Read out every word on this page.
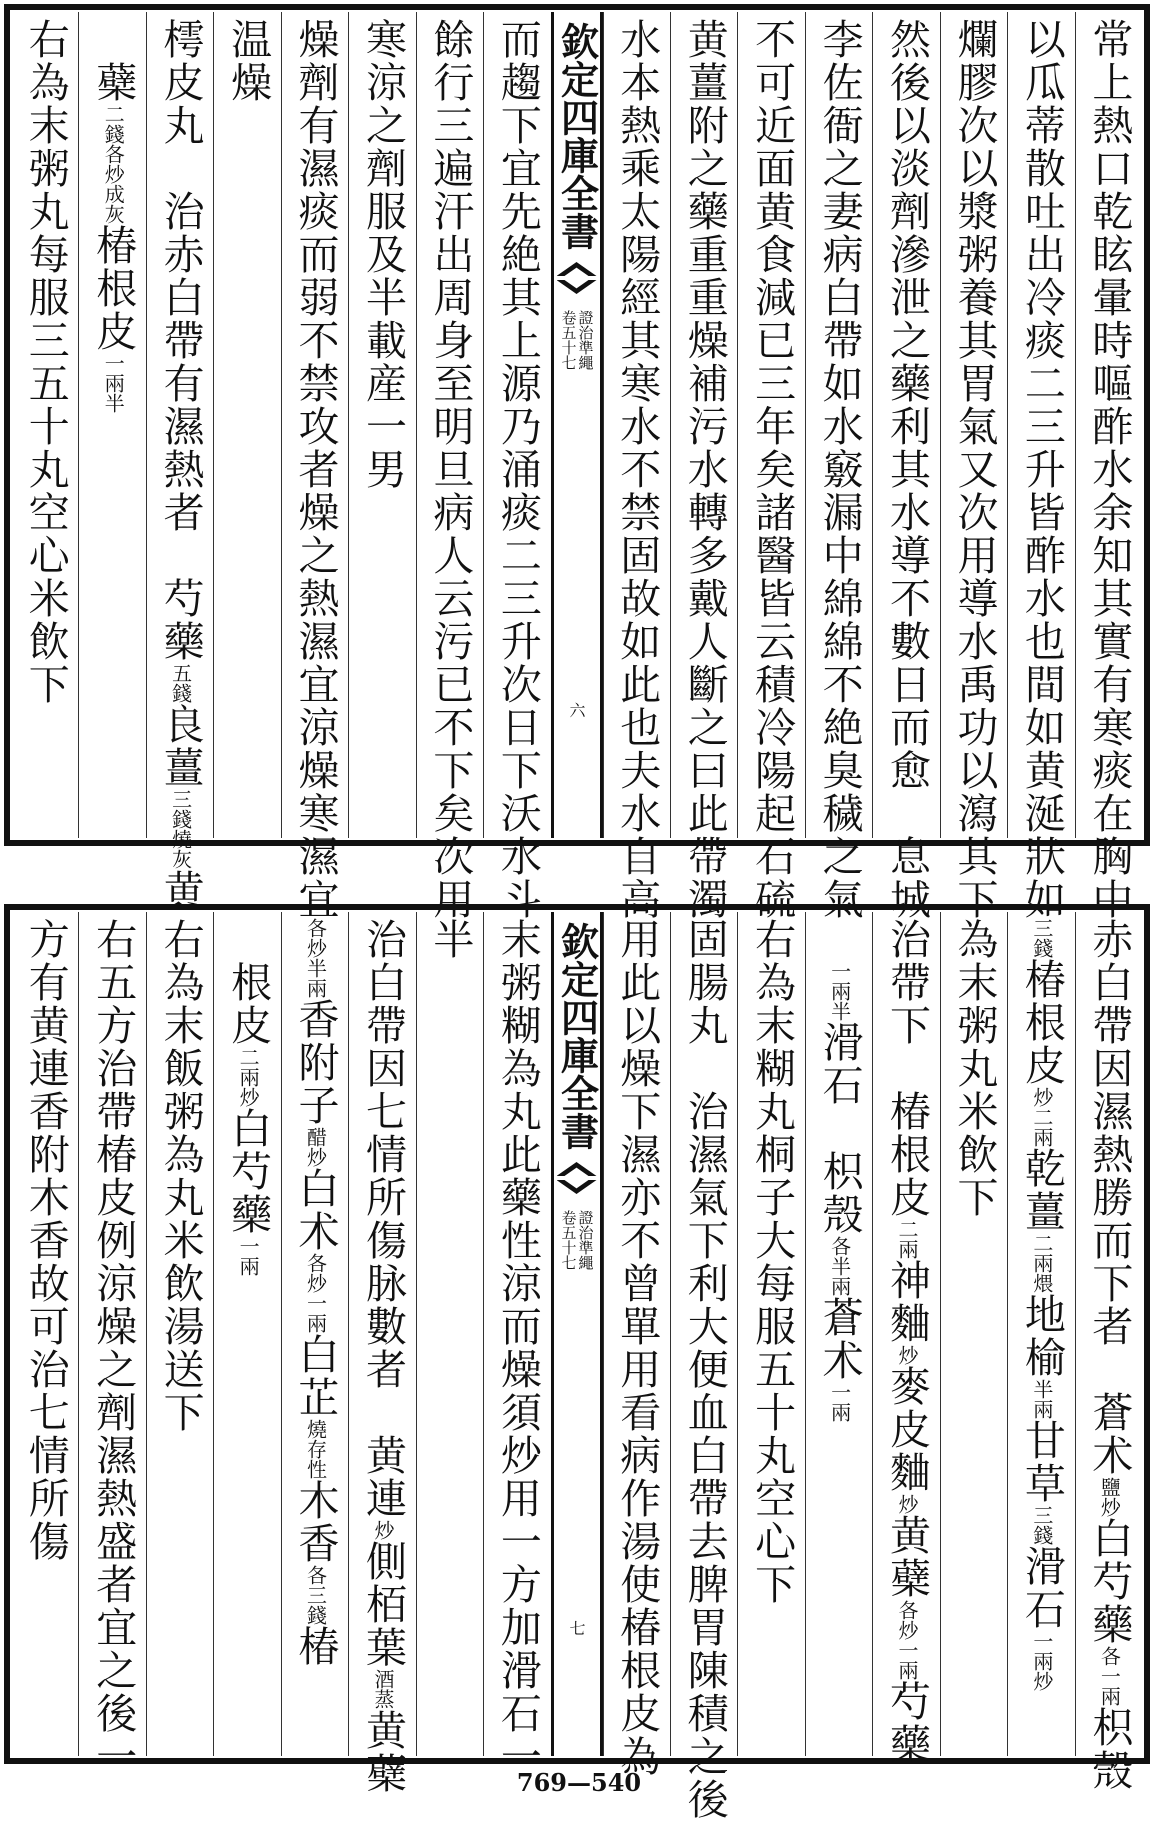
常上熱口乾眩暈時嘔酢水余知其實有寒痰在胸中
以瓜蒂散吐出冷痰二三升皆酢水也間如黄涎狀如
爛膠次以漿粥養其胃氣又次用導水禹功以瀉其下
然後以淡劑滲泄之藥利其水導不數日而愈　息城
李佐衙之妻病白帶如水竅漏中綿綿不絶臭穢之氣
不可近面黄食減已三年矣諸醫皆云積冷陽起石硫
黄薑附之藥重重燥補污水轉多戴人斷之曰此帶濁
水本熱乘太陽經其寒水不禁固故如此也夫水自高
欽定四庫全書
證治準繩
卷五十七
六
而趨下宜先絶其上源乃涌痰二三升次日下沃水斗
餘行三遍汗出周身至明旦病人云污已不下矣次用
寒涼之劑服及半載産一男
燥劑有濕痰而弱不禁攻者燥之熱濕宜涼燥寒濕宜
温燥
樗皮丸　治赤白帶有濕熱者　芍藥五錢良薑三錢燒灰黄
　蘗二錢各炒成灰椿根皮一兩半
右為末粥丸每服三五十丸空心米飲下
赤白帶因濕熱勝而下者　蒼术鹽炒白芍藥各一兩枳殼
三錢椿根皮炒二兩乾薑二兩煨地榆半兩甘草三錢滑石一兩炒
為末粥丸米飲下
治帶下　椿根皮二兩神麯炒麥皮麯炒黄蘗各炒一兩芍藥
　一兩半滑石　枳殼各半兩蒼术一兩
右為末糊丸桐子大每服五十丸空心下
固腸丸　治濕氣下利大便血白帶去脾胃陳積之後
用此以燥下濕亦不曾單用看病作湯使椿根皮為
欽定四庫全書
證治準繩
卷五十七
七
末粥糊為丸此藥性涼而燥須炒用一方加滑石一
半
治白帶因七情所傷脉數者　黄連炒側栢葉酒蒸黄蘗
各炒半兩香附子醋炒白术各炒一兩白芷燒存性木香各三錢椿
　根皮二兩炒白芍藥一兩
右為末飯粥為丸米飲湯送下
右五方治帶椿皮例涼燥之劑濕熱盛者宜之後一
方有黄連香附木香故可治七情所傷
769—540
